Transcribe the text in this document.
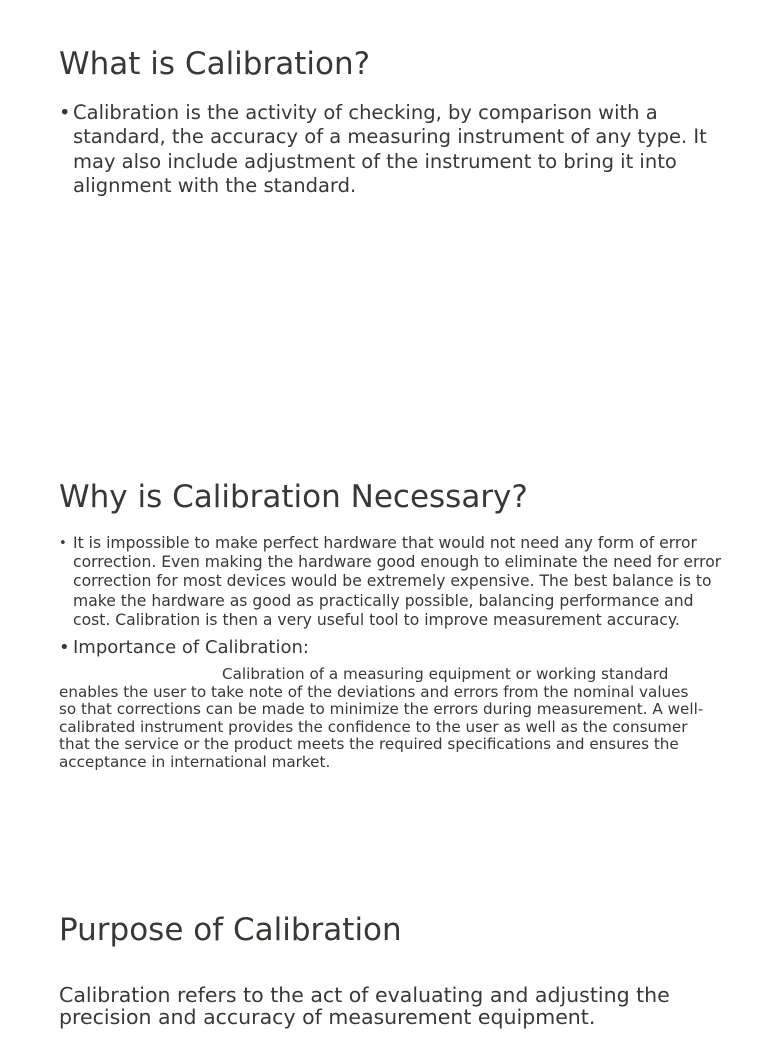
What is Calibration?

• Calibration is the activity of checking, by comparison with a standard, the accuracy of a measuring instrument of any type. It may also include adjustment of the instrument to bring it into alignment with the standard.

Why is Calibration Necessary?

• It is impossible to make perfect hardware that would not need any form of error correction. Even making the hardware good enough to eliminate the need for error correction for most devices would be extremely expensive. The best balance is to make the hardware as good as practically possible, balancing performance and cost. Calibration is then a very useful tool to improve measurement accuracy.

• Importance of Calibration:

Calibration of a measuring equipment or working standard enables the user to take note of the deviations and errors from the nominal values so that corrections can be made to minimize the errors during measurement. A well-calibrated instrument provides the confidence to the user as well as the consumer that the service or the product meets the required specifications and ensures the acceptance in international market.

Purpose of Calibration

Calibration refers to the act of evaluating and adjusting the precision and accuracy of measurement equipment.
